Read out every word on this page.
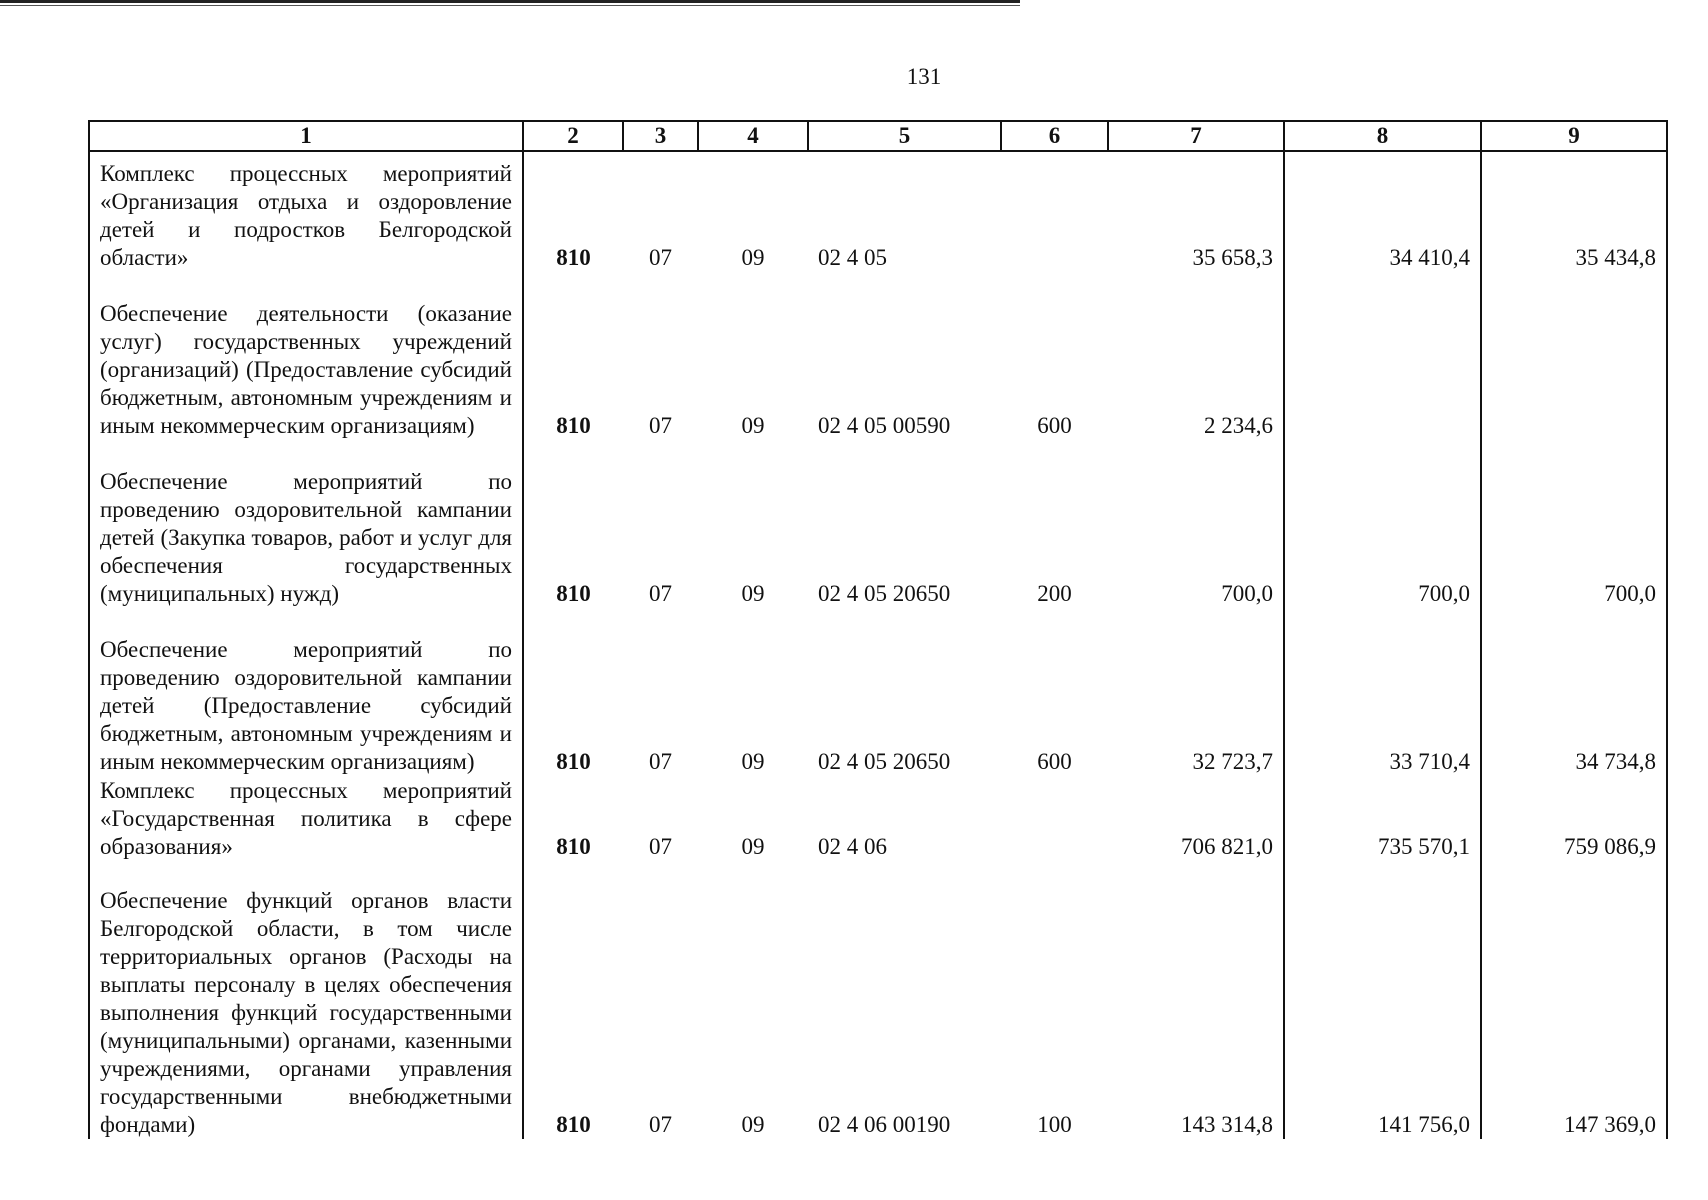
131
1	2	3	4	5	6	7	8	9

Комплекс процессных мероприятий «Организация отдыха и оздоровление детей и подростков Белгородской области»	810	07	09	02 4 05		35 658,3	34 410,4	35 434,8

Обеспечение деятельности (оказание услуг) государственных учреждений (организаций) (Предоставление субсидий бюджетным, автономным учреждениям и иным некоммерческим организациям)	810	07	09	02 4 05 00590	600	2 234,6		

Обеспечение мероприятий по проведению оздоровительной кампании детей (Закупка товаров, работ и услуг для обеспечения государственных (муниципальных) нужд)	810	07	09	02 4 05 20650	200	700,0	700,0	700,0

Обеспечение мероприятий по проведению оздоровительной кампании детей (Предоставление субсидий бюджетным, автономным учреждениям и иным некоммерческим организациям)	810	07	09	02 4 05 20650	600	32 723,7	33 710,4	34 734,8

Комплекс процессных мероприятий «Государственная политика в сфере образования»	810	07	09	02 4 06		706 821,0	735 570,1	759 086,9

Обеспечение функций органов власти Белгородской области, в том числе территориальных органов (Расходы на выплаты персоналу в целях обеспечения выполнения функций государственными (муниципальными) органами, казенными учреждениями, органами управления государственными внебюджетными фондами)	810	07	09	02 4 06 00190	100	143 314,8	141 756,0	147 369,0
